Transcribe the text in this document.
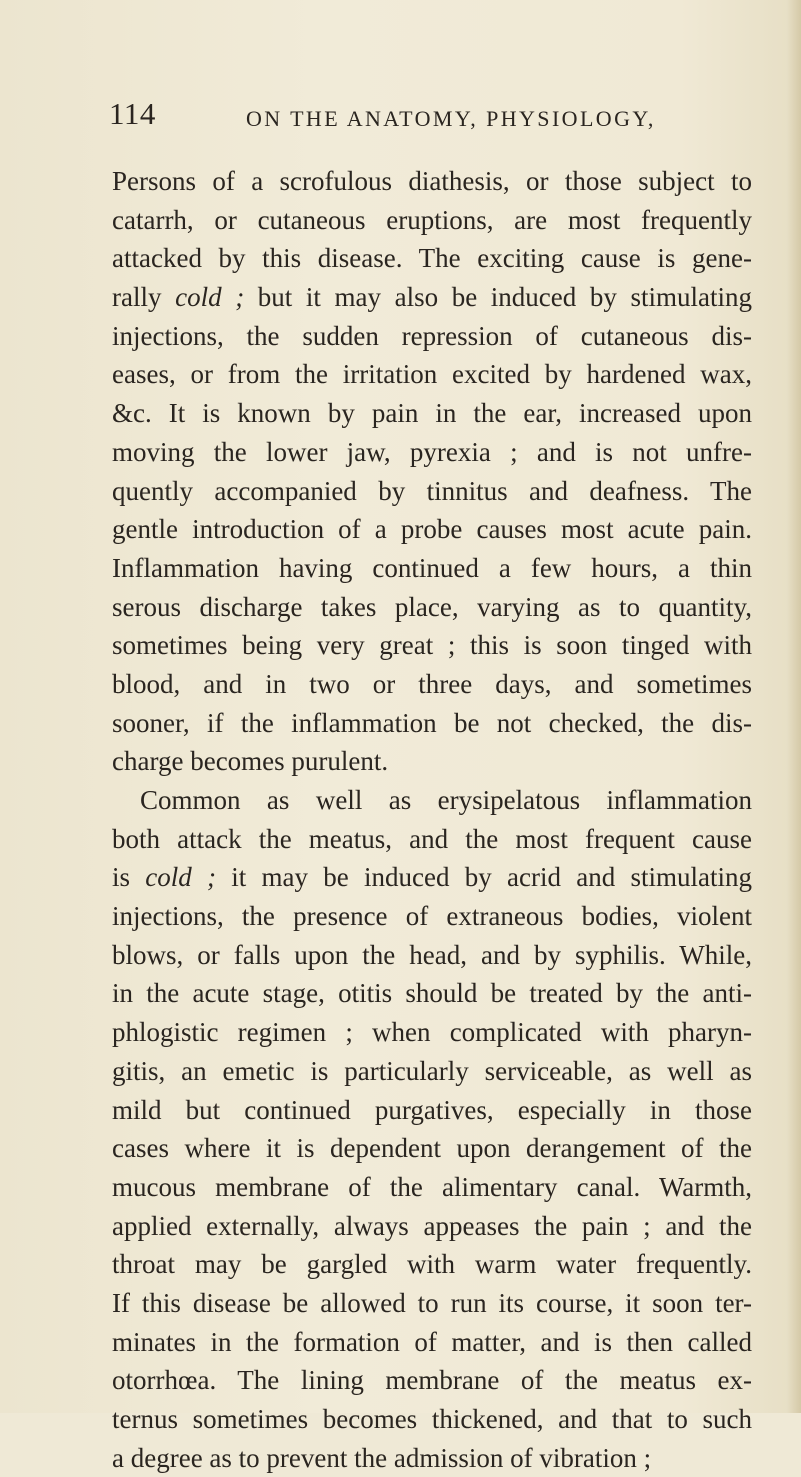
114	ON THE ANATOMY, PHYSIOLOGY,
Persons of a scrofulous diathesis, or those subject to
catarrh, or cutaneous eruptions, are most frequently
attacked by this disease. The exciting cause is gene-
rally cold ; but it may also be induced by stimulating
injections, the sudden repression of cutaneous dis-
eases, or from the irritation excited by hardened wax,
&c. It is known by pain in the ear, increased upon
moving the lower jaw, pyrexia ; and is not unfre-
quently accompanied by tinnitus and deafness. The
gentle introduction of a probe causes most acute pain.
Inflammation having continued a few hours, a thin
serous discharge takes place, varying as to quantity,
sometimes being very great ; this is soon tinged with
blood, and in two or three days, and sometimes
sooner, if the inflammation be not checked, the dis-
charge becomes purulent.
Common as well as erysipelatous inflammation
both attack the meatus, and the most frequent cause
is cold ; it may be induced by acrid and stimulating
injections, the presence of extraneous bodies, violent
blows, or falls upon the head, and by syphilis. While,
in the acute stage, otitis should be treated by the anti-
phlogistic regimen ; when complicated with pharyn-
gitis, an emetic is particularly serviceable, as well as
mild but continued purgatives, especially in those
cases where it is dependent upon derangement of the
mucous membrane of the alimentary canal. Warmth,
applied externally, always appeases the pain ; and the
throat may be gargled with warm water frequently.
If this disease be allowed to run its course, it soon ter-
minates in the formation of matter, and is then called
otorrhœa. The lining membrane of the meatus ex-
ternus sometimes becomes thickened, and that to such
a degree as to prevent the admission of vibration ;
